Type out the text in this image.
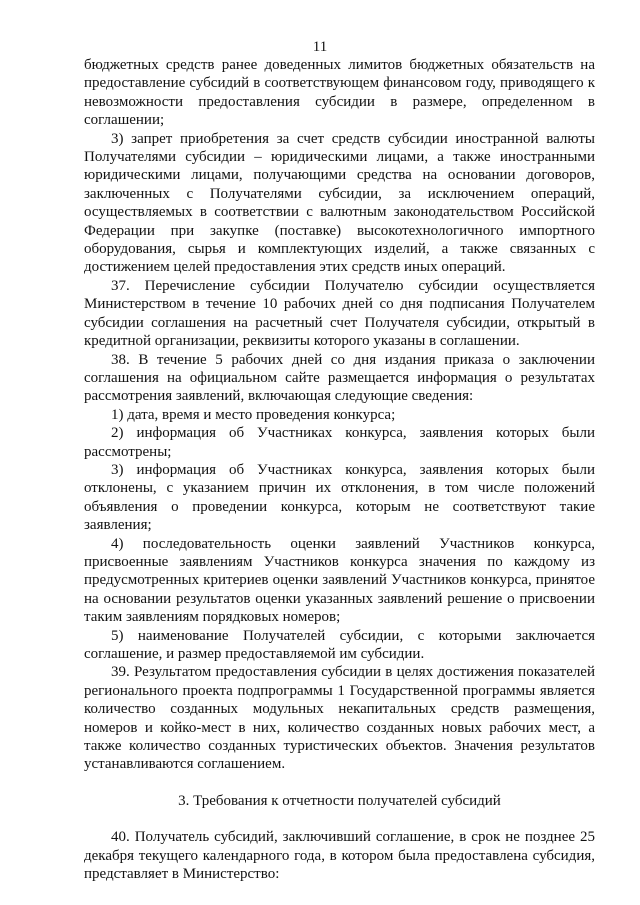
11

бюджетных средств ранее доведенных лимитов бюджетных обязательств на предоставление субсидий в соответствующем финансовом году, приводящего к невозможности предоставления субсидии в размере, определенном в соглашении;

3) запрет приобретения за счет средств субсидии иностранной валюты Получателями субсидии – юридическими лицами, а также иностранными юридическими лицами, получающими средства на основании договоров, заключенных с Получателями субсидии, за исключением операций, осуществляемых в соответствии с валютным законодательством Российской Федерации при закупке (поставке) высокотехнологичного импортного оборудования, сырья и комплектующих изделий, а также связанных с достижением целей предоставления этих средств иных операций.

37. Перечисление субсидии Получателю субсидии осуществляется Министерством в течение 10 рабочих дней со дня подписания Получателем субсидии соглашения на расчетный счет Получателя субсидии, открытый в кредитной организации, реквизиты которого указаны в соглашении.

38. В течение 5 рабочих дней со дня издания приказа о заключении соглашения на официальном сайте размещается информация о результатах рассмотрения заявлений, включающая следующие сведения:

1) дата, время и место проведения конкурса;

2) информация об Участниках конкурса, заявления которых были рассмотрены;

3) информация об Участниках конкурса, заявления которых были отклонены, с указанием причин их отклонения, в том числе положений объявления о проведении конкурса, которым не соответствуют такие заявления;

4) последовательность оценки заявлений Участников конкурса, присвоенные заявлениям Участников конкурса значения по каждому из предусмотренных критериев оценки заявлений Участников конкурса, принятое на основании результатов оценки указанных заявлений решение о присвоении таким заявлениям порядковых номеров;

5) наименование Получателей субсидии, с которыми заключается соглашение, и размер предоставляемой им субсидии.

39. Результатом предоставления субсидии в целях достижения показателей регионального проекта подпрограммы 1 Государственной программы является количество созданных модульных некапитальных средств размещения, номеров и койко-мест в них, количество созданных новых рабочих мест, а также количество созданных туристических объектов. Значения результатов устанавливаются соглашением.

3. Требования к отчетности получателей субсидий

40. Получатель субсидий, заключивший соглашение, в срок не позднее 25 декабря текущего календарного года, в котором была предоставлена субсидия, представляет в Министерство:
